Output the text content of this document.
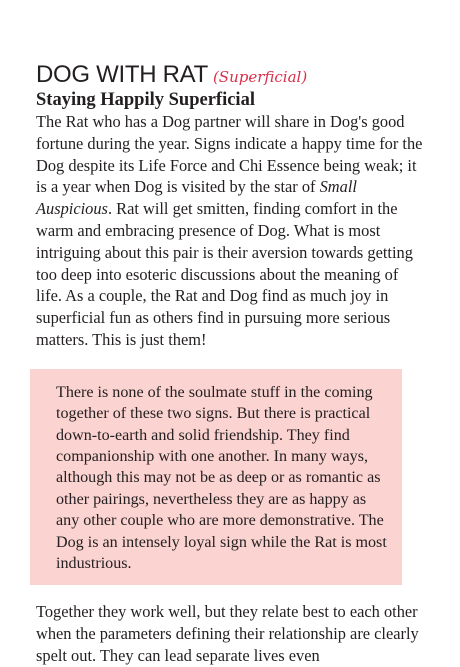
DOG WITH RAT (Superficial)
Staying Happily Superficial

The Rat who has a Dog partner will share in Dog's good fortune during the year. Signs indicate a happy time for the Dog despite its Life Force and Chi Essence being weak; it is a year when Dog is visited by the star of Small Auspicious. Rat will get smitten, finding comfort in the warm and embracing presence of Dog. What is most intriguing about this pair is their aversion towards getting too deep into esoteric discussions about the meaning of life. As a couple, the Rat and Dog find as much joy in superficial fun as others find in pursuing more serious matters. This is just them!

There is none of the soulmate stuff in the coming together of these two signs. But there is practical down-to-earth and solid friendship. They find companionship with one another. In many ways, although this may not be as deep or as romantic as other pairings, nevertheless they are as happy as any other couple who are more demonstrative. The Dog is an intensely loyal sign while the Rat is most industrious.

Together they work well, but they relate best to each other when the parameters defining their relationship are clearly spelt out. They can lead separate lives even
